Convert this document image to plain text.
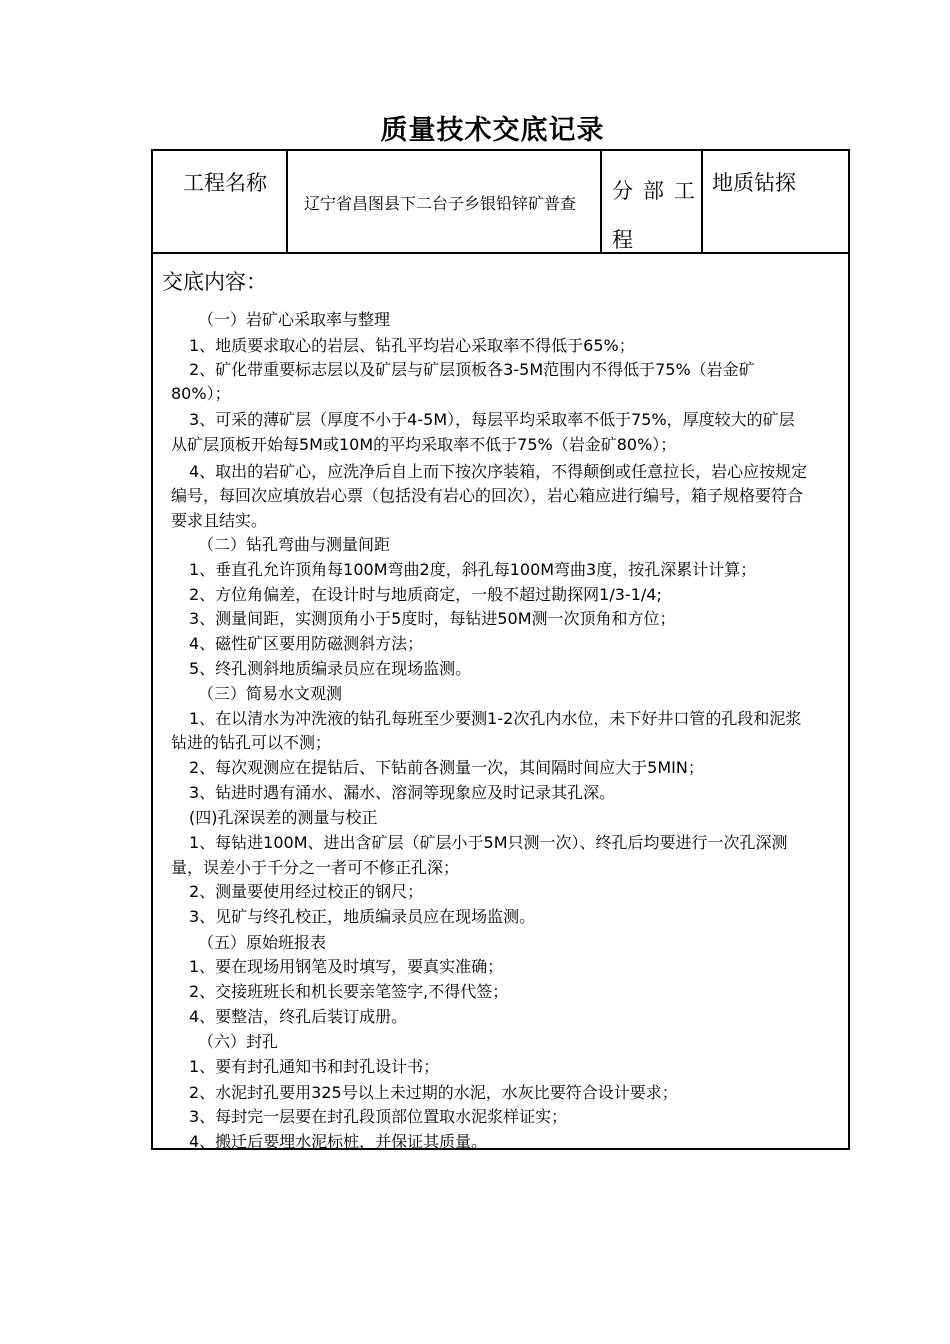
质量技术交底记录
工程名称
辽宁省昌图县下二台子乡银铅锌矿普查
分部工程
地质钻探
交底内容：
（一）岩矿心采取率与整理
1、地质要求取心的岩层、钻孔平均岩心采取率不得低于65%；
2、矿化带重要标志层以及矿层与矿层顶板各3-5M范围内不得低于75%（岩金矿
80%）；
3、可采的薄矿层（厚度不小于4-5M），每层平均采取率不低于75%，厚度较大的矿层
从矿层顶板开始每5M或10M的平均采取率不低于75%（岩金矿80%）；
4、取出的岩矿心，应洗净后自上而下按次序装箱，不得颠倒或任意拉长，岩心应按规定
编号，每回次应填放岩心票（包括没有岩心的回次），岩心箱应进行编号，箱子规格要符合
要求且结实。
（二）钻孔弯曲与测量间距
1、垂直孔允许顶角每100M弯曲2度，斜孔每100M弯曲3度，按孔深累计计算；
2、方位角偏差，在设计时与地质商定，一般不超过勘探网1/3-1/4;
3、测量间距，实测顶角小于5度时，每钻进50M测一次顶角和方位；
4、磁性矿区要用防磁测斜方法；
5、终孔测斜地质编录员应在现场监测。
（三）简易水文观测
1、在以清水为冲洗液的钻孔每班至少要测1-2次孔内水位，未下好井口管的孔段和泥浆
钻进的钻孔可以不测；
2、每次观测应在提钻后、下钻前各测量一次，其间隔时间应大于5MIN；
3、钻进时遇有涌水、漏水、溶洞等现象应及时记录其孔深。
(四)孔深误差的测量与校正
1、每钻进100M、进出含矿层（矿层小于5M只测一次）、终孔后均要进行一次孔深测
量，误差小于千分之一者可不修正孔深；
2、测量要使用经过校正的钢尺；
3、见矿与终孔校正，地质编录员应在现场监测。
（五）原始班报表
1、要在现场用钢笔及时填写，要真实准确；
2、交接班班长和机长要亲笔签字,不得代签；
4、要整洁，终孔后装订成册。
（六）封孔
1、要有封孔通知书和封孔设计书；
2、水泥封孔要用325号以上未过期的水泥，水灰比要符合设计要求；
3、每封完一层要在封孔段顶部位置取水泥浆样证实；
4、搬迁后要埋水泥标桩，并保证其质量。
